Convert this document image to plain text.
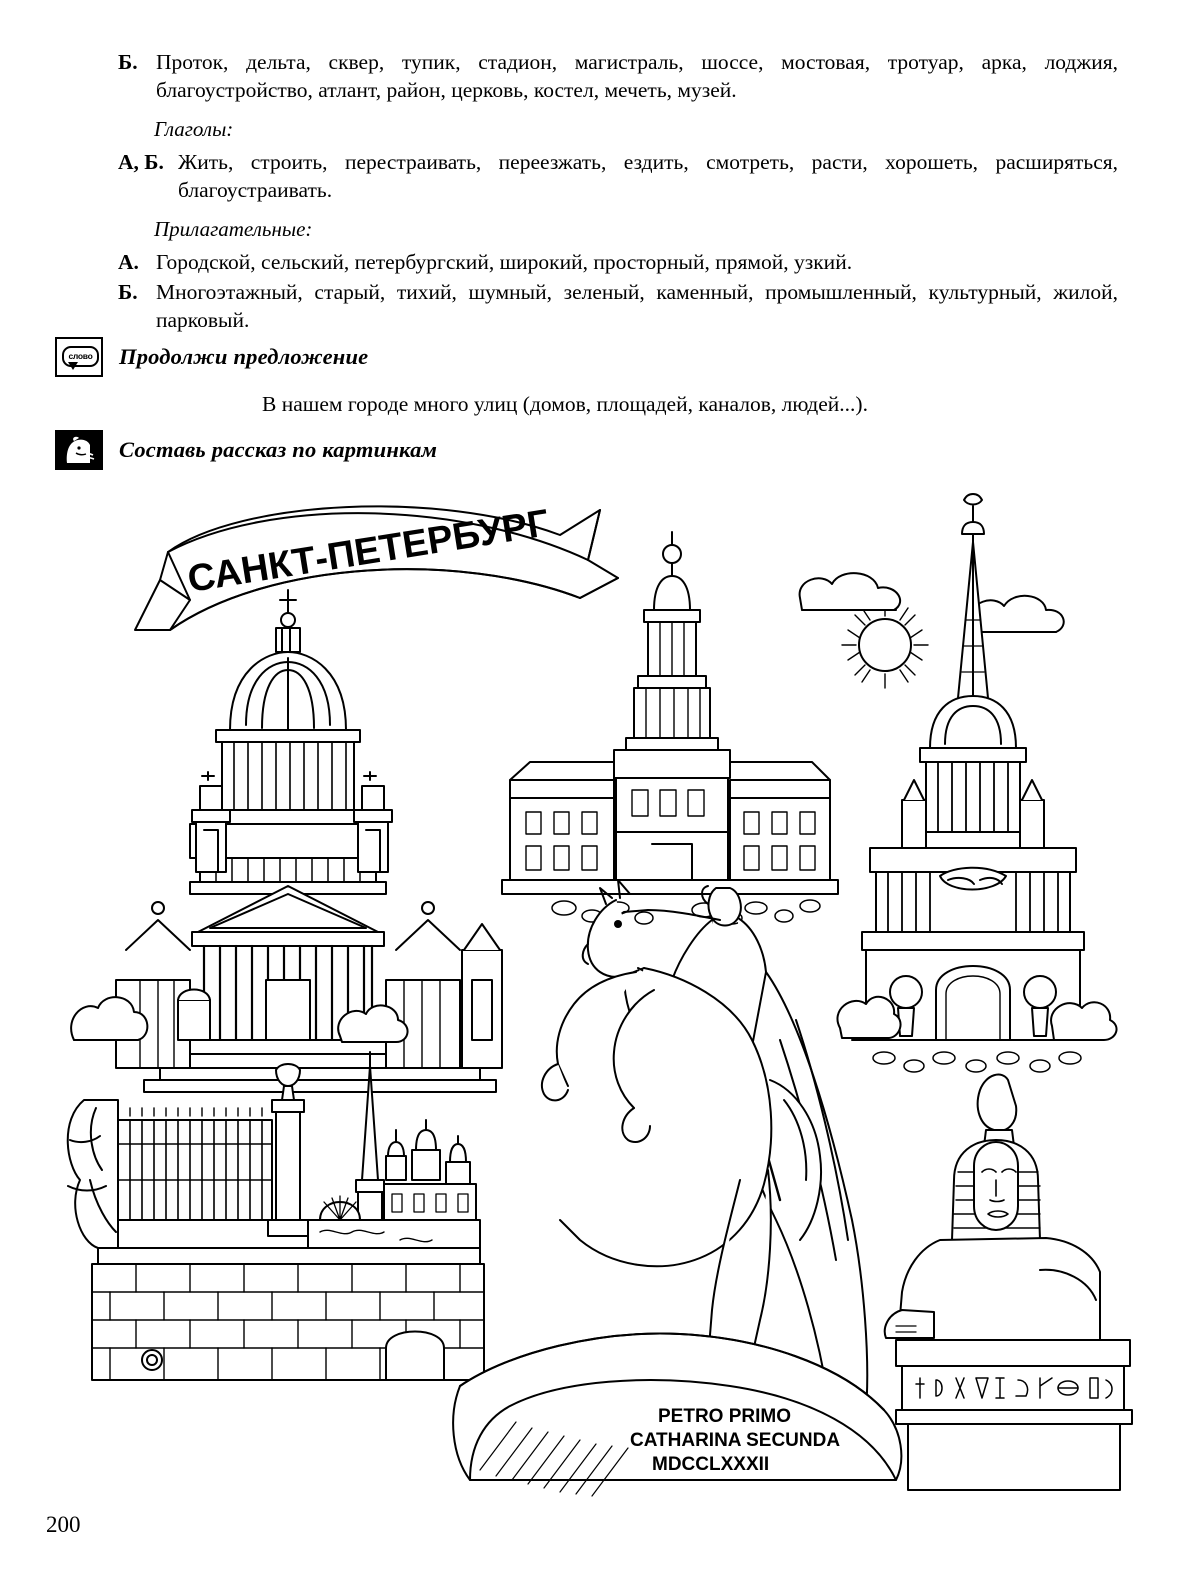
Б. Проток, дельта, сквер, тупик, стадион, магистраль, шоссе, мостовая, тротуар, арка, лоджия, благоустройство, атлант, район, церковь, костел, мечеть, музей.
Глаголы:
А, Б. Жить, строить, перестраивать, переезжать, ездить, смотреть, расти, хорошеть, расширяться, благоустраивать.
Прилагательные:
А. Городской, сельский, петербургский, широкий, просторный, прямой, узкий.
Б. Многоэтажный, старый, тихий, шумный, зеленый, каменный, промышленный, культурный, жилой, парковый.
слово Продолжи предложение
В нашем городе много улиц (домов, площадей, каналов, людей...).
Составь рассказ по картинкам
САНКТ-ПЕТЕРБУРГ
PETRO PRIMO
CATHARINA SECUNDA
MDCCLXXXII
200
